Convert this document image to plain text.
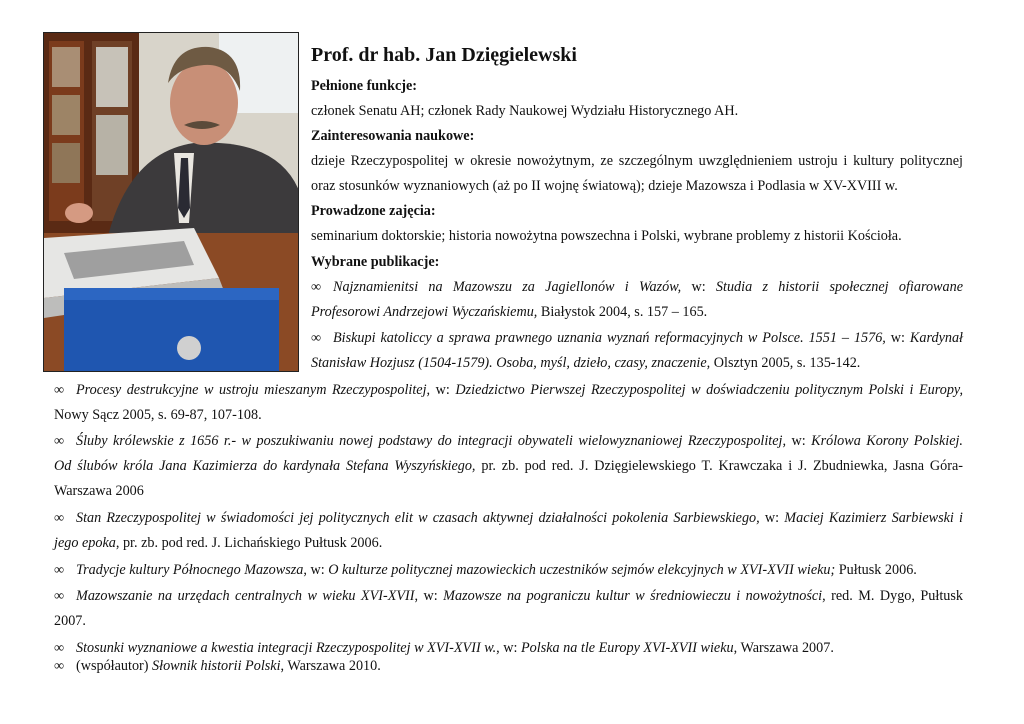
Prof. dr hab. Jan Dzięgielewski
Pełnione funkcje:
członek Senatu AH; członek Rady Naukowej Wydziału Historycznego AH.
Zainteresowania naukowe:
dzieje Rzeczypospolitej w okresie nowożytnym, ze szczególnym uwzględnieniem ustroju i kultury politycznej
oraz stosunków wyznaniowych (aż po II wojnę światową); dzieje Mazowsza i Podlasia w XV-XVIII w.
Prowadzone zajęcia:
seminarium doktorskie; historia nowożytna powszechna i Polski, wybrane problemy z historii Kościoła.
Wybrane publikacje:
∞ Najznamienitsi na Mazowszu za Jagiellonów i Wazów, w: Studia z historii społecznej ofiarowane
Profesorowi Andrzejowi Wyczańskiemu, Białystok 2004, s. 157 – 165.
∞ Biskupi katoliccy a sprawa prawnego uznania wyznań reformacyjnych w Polsce. 1551 – 1576, w: Kardynał
Stanisław Hozjusz (1504-1579). Osoba, myśl, dzieło, czasy, znaczenie, Olsztyn 2005, s. 135-142.
∞ Procesy destrukcyjne w ustroju mieszanym Rzeczypospolitej, w: Dziedzictwo Pierwszej Rzeczypospolitej w doświadczeniu politycznym Polski i Europy,
Nowy Sącz 2005, s. 69-87, 107-108.
∞ Śluby królewskie z 1656 r.- w poszukiwaniu nowej podstawy do integracji obywateli wielowyznaniowej Rzeczypospolitej, w: Królowa Korony Polskiej.
Od ślubów króla Jana Kazimierza do kardynała Stefana Wyszyńskiego, pr. zb. pod red. J. Dzięgielewskiego T. Krawczaka i J. Zbudniewka, Jasna Góra-
Warszawa 2006
∞ Stan Rzeczypospolitej w świadomości jej politycznych elit w czasach aktywnej działalności pokolenia Sarbiewskiego, w: Maciej Kazimierz Sarbiewski i
jego epoka, pr. zb. pod red. J. Lichańskiego Pułtusk 2006.
∞ Tradycje kultury Północnego Mazowsza, w: O kulturze politycznej mazowieckich uczestników sejmów elekcyjnych w XVI-XVII wieku; Pułtusk 2006.
∞ Mazowszanie na urzędach centralnych w wieku XVI-XVII, w: Mazowsze na pograniczu kultur w średniowieczu i nowożytności, red. M. Dygo, Pułtusk
2007.
∞ Stosunki wyznaniowe a kwestia integracji Rzeczypospolitej w XVI-XVII w., w: Polska na tle Europy XVI-XVII wieku, Warszawa 2007.
∞ (współautor) Słownik historii Polski, Warszawa 2010.
